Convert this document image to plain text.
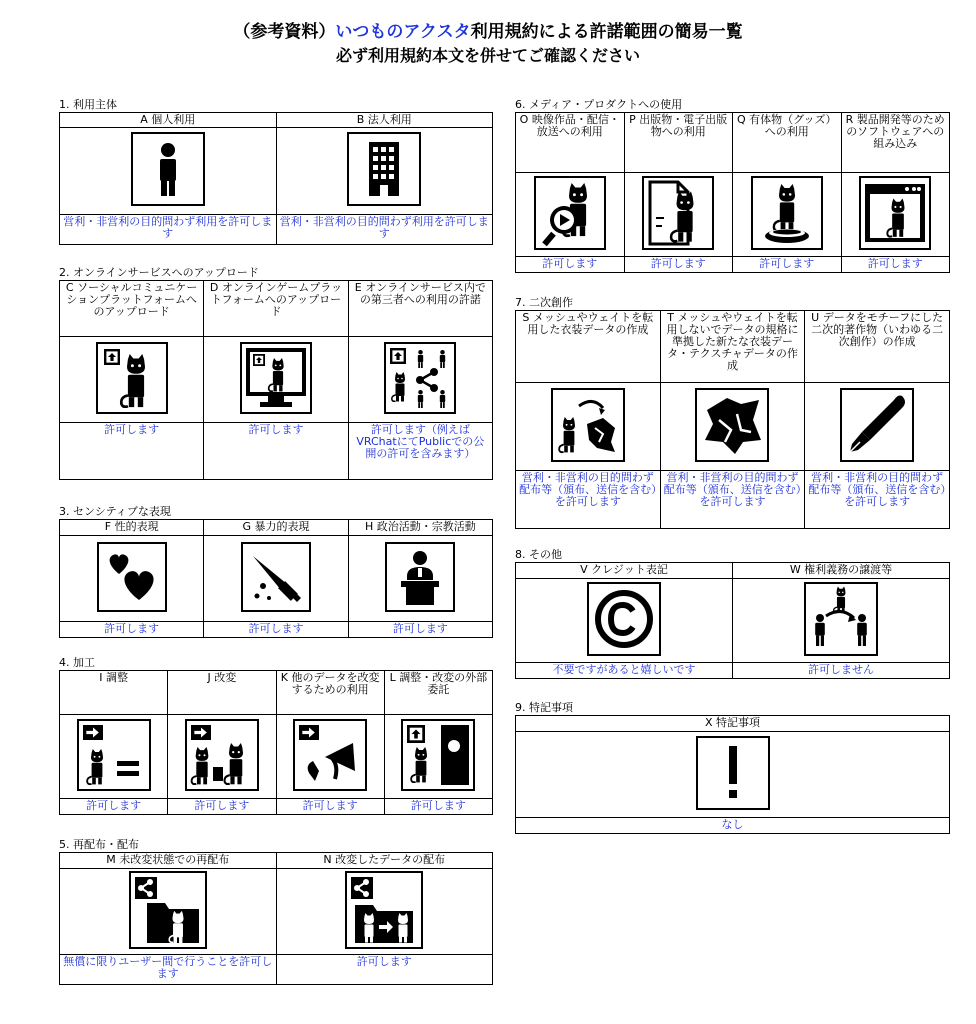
（参考資料）いつものアクスタ利用規約による許諾範囲の簡易一覧
必ず利用規約本文を併せてご確認ください
1. 利用主体
A 個人利用	B 法人利用

営利・非営利の目的問わず利用を許可します	営利・非営利の目的問わず利用を許可します
2. オンラインサービスへのアップロード
C ソーシャルコミュニケーションプラットフォームへのアップロード	D オンラインゲームプラットフォームへのアップロード	E オンラインサービス内での第三者への利用の許諾

許可します	許可します	許可します（例えばVRChatにてPublicでの公開の許可を含みます）
3. センシティブな表現
F 性的表現	G 暴力的表現	H 政治活動・宗教活動

許可します	許可します	許可します
4. 加工
I 調整	J 改変	K 他のデータを改変するための利用	L 調整・改変の外部委託

許可します	許可します	許可します	許可します
5. 再配布・配布
M 未改変状態での再配布	N 改変したデータの配布

無償に限りユーザー間で行うことを許可します	許可します
6. メディア・プロダクトへの使用
O 映像作品・配信・放送への利用	P 出版物・電子出版物への利用	Q 有体物（グッズ）への利用	R 製品開発等のためのソフトウェアへの組み込み

許可します	許可します	許可します	許可します
7. 二次創作
S メッシュやウェイトを転用した衣装データの作成	T メッシュやウェイトを転用しないでデータの規格に準拠した新たな衣装データ・テクスチャデータの作成	U データをモチーフにした二次的著作物（いわゆる二次創作）の作成

営利・非営利の目的問わず配布等（頒布、送信を含む）を許可します	営利・非営利の目的問わず配布等（頒布、送信を含む）を許可します	営利・非営利の目的問わず配布等（頒布、送信を含む）を許可します
8. その他
V クレジット表記	W 権利義務の譲渡等

不要ですがあると嬉しいです	許可しません
9. 特記事項
X 特記事項

なし
